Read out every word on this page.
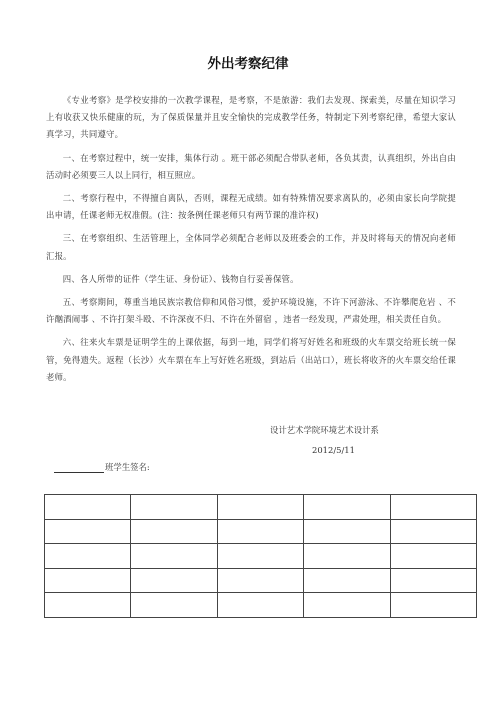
外出考察纪律

《专业考察》是学校安排的一次教学课程，是考察，不是旅游：我们去发现、探索美，尽量在知识学习上有收获又快乐健康的玩，为了保质保量并且安全愉快的完成教学任务，特制定下列考察纪律，希望大家认真学习，共同遵守。

一、在考察过程中，统一安排，集体行动 。班干部必须配合带队老师，各负其责，认真组织，外出自由活动时必须要三人以上同行，相互照应。

二、考察行程中，不得擅自离队，否则，课程无成绩。如有特殊情况要求离队的，必须由家长向学院提出申请，任课老师无权准假。(注：按条例任课老师只有两节课的准许权)

三、在考察组织、生活管理上，全体同学必须配合老师以及班委会的工作，并及时将每天的情况向老师汇报。

四、各人所带的证件（学生证、身份证）、钱物自行妥善保管。

五、考察期间，尊重当地民族宗教信仰和风俗习惯，爱护环境设施，不许下河游泳、不许攀爬危岩 、不许酗酒闹事 、不许打架斗殴、不许深夜不归、不许在外留宿 ，违者一经发现，严肃处理，相关责任自负。

六、往来火车票是证明学生的上课依据，每到一地，同学们将写好姓名和班级的火车票交给班长统一保管，免得遗失。返程（长沙）火车票在车上写好姓名班级，到站后（出站口），班长将收齐的火车票交给任课老师。

设计艺术学院环境艺术设计系
2012/5/11
班学生签名:
